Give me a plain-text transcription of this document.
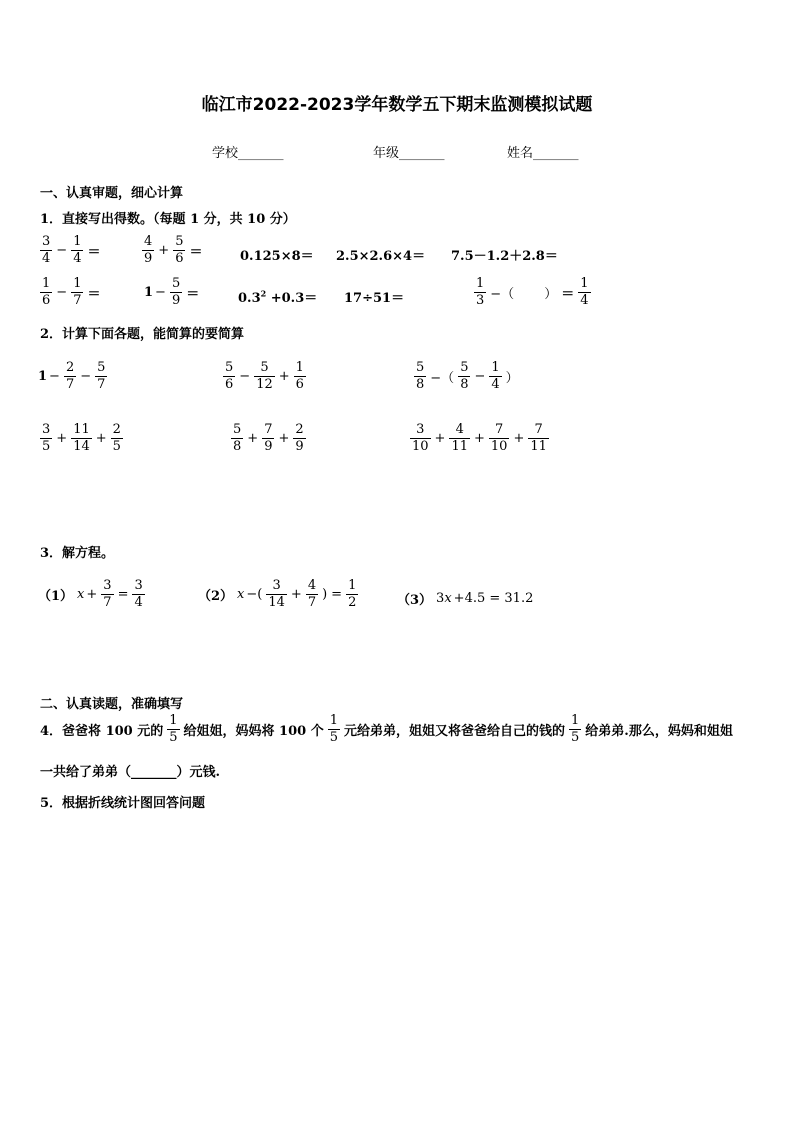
临江市2022-2023学年数学五下期末监测模拟试题
学校_______	年级_______	姓名_______
一、认真审题，细心计算
1．直接写出得数。（每题 1 分，共 10 分）
$\frac{3}{4} - \frac{1}{4}$ ＝	$\frac{4}{9} + \frac{5}{6}$ ＝	0.125×8＝ 2.5×2.6×4＝ 7.5－1.2＋2.8＝
$\frac{1}{6} - \frac{1}{7}$ ＝	$1 - \frac{5}{9}$ ＝	$0.3^2 +0.3= 17\div 51=$	$\frac{1}{3}$ −（ 　　） ＝ $\frac{1}{4}$
2．计算下面各题，能简算的要简算
$1 - \frac{2}{7} - \frac{5}{7}$	$\frac{5}{6} - \frac{5}{12} + \frac{1}{6}$	$\frac{5}{8}$ −（ $\frac{5}{8} - \frac{1}{4}$ ）
$\frac{3}{5} + \frac{11}{14} + \frac{2}{5}$	$\frac{5}{8} + \frac{7}{9} + \frac{2}{9}$	$\frac{3}{10} + \frac{4}{11} + \frac{7}{10} + \frac{7}{11}$
3．解方程。
（1） $x + \frac{3}{7} = \frac{3}{4}$	（2） x −( $\frac{3}{14} + \frac{4}{7}$ ) = $\frac{1}{2}$	（3） 3 x +4.5 = 31.2
二、认真读题，准确填写
4．爸爸将 100 元的 $\frac{1}{5}$ 给姐姐，妈妈将 100 个 $\frac{1}{5}$ 元给弟弟，姐姐又将爸爸给自己的钱的 $\frac{1}{5}$ 给弟弟.那么，妈妈和姐姐
一共给了弟弟（_______）元钱.
5．根据折线统计图回答问题
